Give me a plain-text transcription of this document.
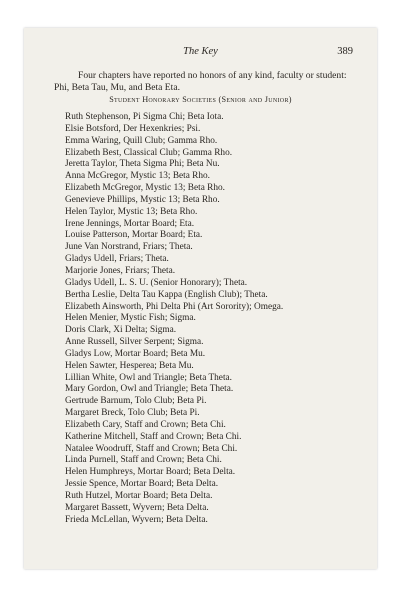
The Key	389

Four chapters have reported no honors of any kind, faculty or student: Phi, Beta Tau, Mu, and Beta Eta.

Student Honorary Societies (Senior and Junior)
Ruth Stephenson, Pi Sigma Chi; Beta Iota.
Elsie Botsford, Der Hexenkries; Psi.
Emma Waring, Quill Club; Gamma Rho.
Elizabeth Best, Classical Club; Gamma Rho.
Jeretta Taylor, Theta Sigma Phi; Beta Nu.
Anna McGregor, Mystic 13; Beta Rho.
Elizabeth McGregor, Mystic 13; Beta Rho.
Genevieve Phillips, Mystic 13; Beta Rho.
Helen Taylor, Mystic 13; Beta Rho.
Irene Jennings, Mortar Board; Eta.
Louise Patterson, Mortar Board; Eta.
June Van Norstrand, Friars; Theta.
Gladys Udell, Friars; Theta.
Marjorie Jones, Friars; Theta.
Gladys Udell, L. S. U. (Senior Honorary); Theta.
Bertha Leslie, Delta Tau Kappa (English Club); Theta.
Elizabeth Ainsworth, Phi Delta Phi (Art Sorority); Omega.
Helen Menier, Mystic Fish; Sigma.
Doris Clark, Xi Delta; Sigma.
Anne Russell, Silver Serpent; Sigma.
Gladys Low, Mortar Board; Beta Mu.
Helen Sawter, Hesperea; Beta Mu.
Lillian White, Owl and Triangle; Beta Theta.
Mary Gordon, Owl and Triangle; Beta Theta.
Gertrude Barnum, Tolo Club; Beta Pi.
Margaret Breck, Tolo Club; Beta Pi.
Elizabeth Cary, Staff and Crown; Beta Chi.
Katherine Mitchell, Staff and Crown; Beta Chi.
Natalee Woodruff, Staff and Crown; Beta Chi.
Linda Purnell, Staff and Crown; Beta Chi.
Helen Humphreys, Mortar Board; Beta Delta.
Jessie Spence, Mortar Board; Beta Delta.
Ruth Hutzel, Mortar Board; Beta Delta.
Margaret Bassett, Wyvern; Beta Delta.
Frieda McLellan, Wyvern; Beta Delta.
